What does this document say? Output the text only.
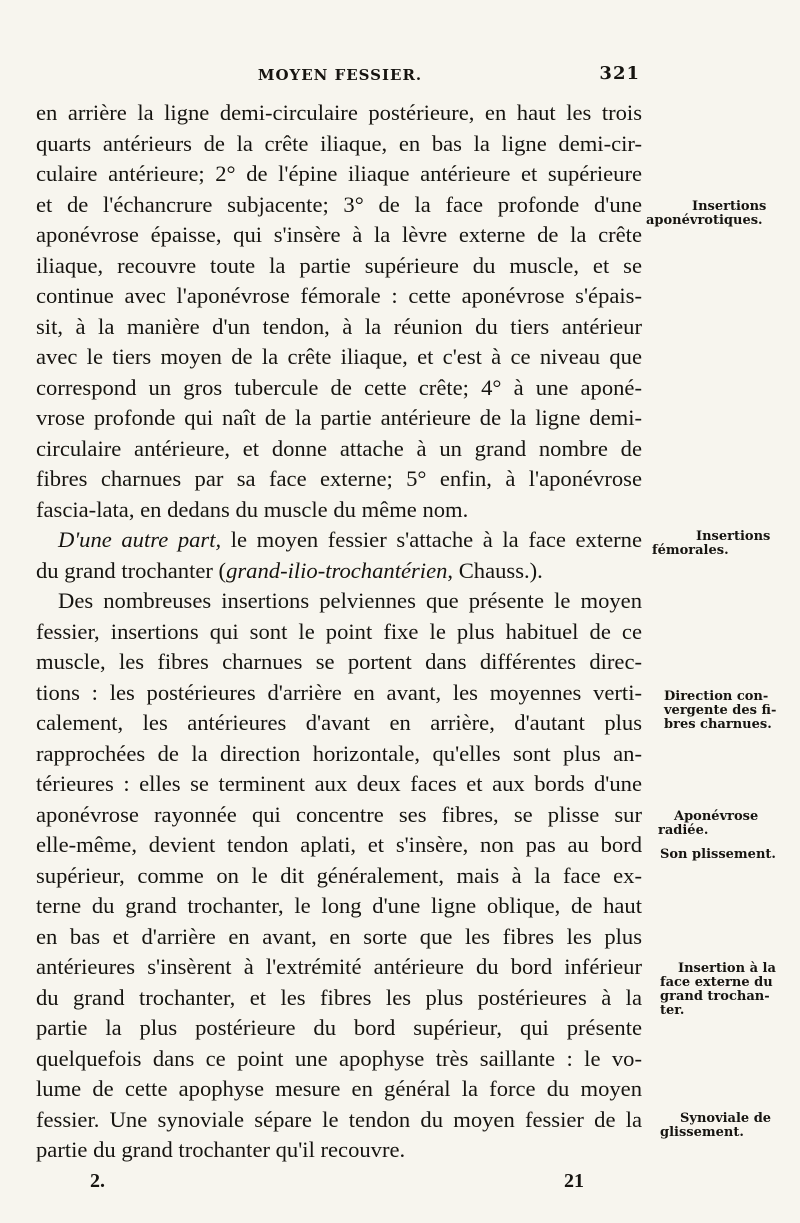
MOYEN FESSIER.	321
en arrière la ligne demi-circulaire postérieure, en haut les trois
quarts antérieurs de la crête iliaque, en bas la ligne demi-cir-
culaire antérieure; 2° de l'épine iliaque antérieure et supérieure
et de l'échancrure subjacente; 3° de la face profonde d'une
aponévrose épaisse, qui s'insère à la lèvre externe de la crête
iliaque, recouvre toute la partie supérieure du muscle, et se
continue avec l'aponévrose fémorale : cette aponévrose s'épais-
sit, à la manière d'un tendon, à la réunion du tiers antérieur
avec le tiers moyen de la crête iliaque, et c'est à ce niveau que
correspond un gros tubercule de cette crête; 4° à une aponé-
vrose profonde qui naît de la partie antérieure de la ligne demi-
circulaire antérieure, et donne attache à un grand nombre de
fibres charnues par sa face externe; 5° enfin, à l'aponévrose
fascia-lata, en dedans du muscle du même nom.
D'une autre part, le moyen fessier s'attache à la face externe
du grand trochanter (grand-ilio-trochantérien, Chauss.).
Des nombreuses insertions pelviennes que présente le moyen
fessier, insertions qui sont le point fixe le plus habituel de ce
muscle, les fibres charnues se portent dans différentes direc-
tions : les postérieures d'arrière en avant, les moyennes verti-
calement, les antérieures d'avant en arrière, d'autant plus
rapprochées de la direction horizontale, qu'elles sont plus an-
térieures : elles se terminent aux deux faces et aux bords d'une
aponévrose rayonnée qui concentre ses fibres, se plisse sur
elle-même, devient tendon aplati, et s'insère, non pas au bord
supérieur, comme on le dit généralement, mais à la face ex-
terne du grand trochanter, le long d'une ligne oblique, de haut
en bas et d'arrière en avant, en sorte que les fibres les plus
antérieures s'insèrent à l'extrémité antérieure du bord inférieur
du grand trochanter, et les fibres les plus postérieures à la
partie la plus postérieure du bord supérieur, qui présente
quelquefois dans ce point une apophyse très saillante : le vo-
lume de cette apophyse mesure en général la force du moyen
fessier. Une synoviale sépare le tendon du moyen fessier de la
partie du grand trochanter qu'il recouvre.
Insertions
aponévrotiques.
Insertions
fémorales.
Direction con-
vergente des fi-
bres charnues.
Aponévrose
radiée.
Son plissement.
Insertion à la
face externe du
grand trochan-
ter.
Synoviale de
glissement.
2.	21
